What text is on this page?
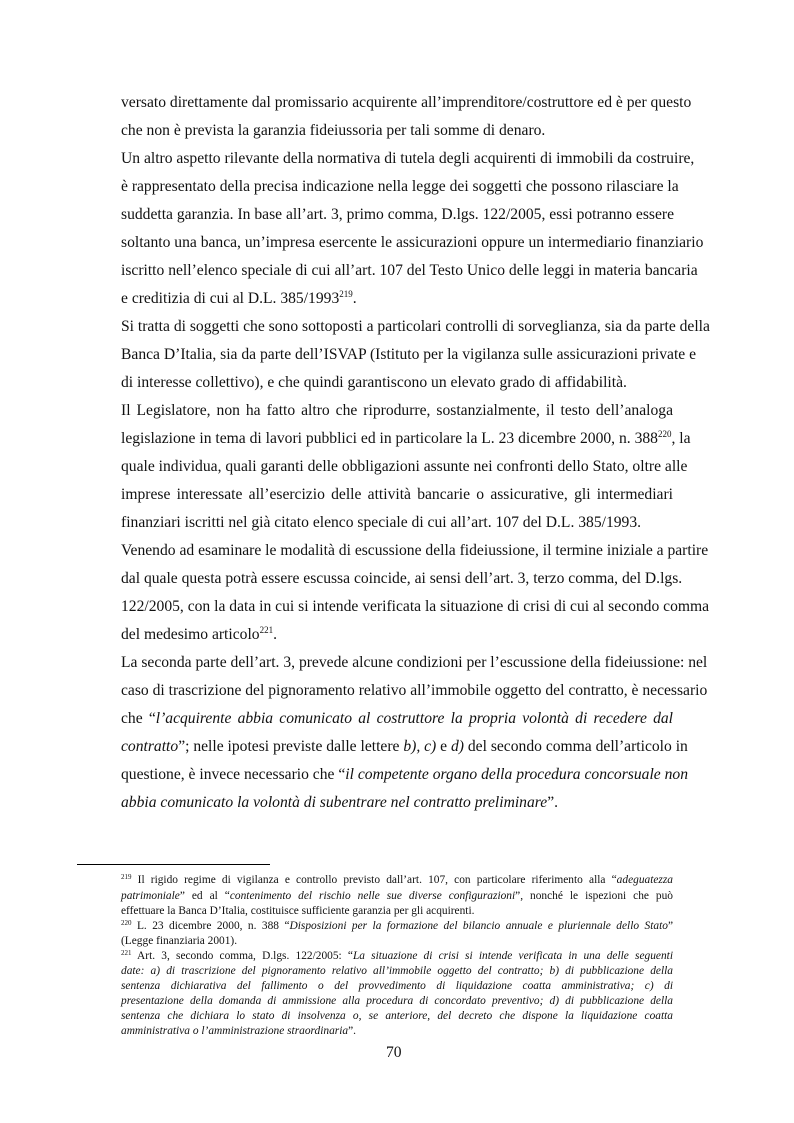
versato direttamente dal promissario acquirente all’imprenditore/costruttore ed è per questo
che non è prevista la garanzia fideiussoria per tali somme di denaro.
Un altro aspetto rilevante della normativa di tutela degli acquirenti di immobili da costruire,
è rappresentato della precisa indicazione nella legge dei soggetti che possono rilasciare la
suddetta garanzia. In base all’art. 3, primo comma, D.lgs. 122/2005, essi potranno essere
soltanto una banca, un’impresa esercente le assicurazioni oppure un intermediario finanziario
iscritto nell’elenco speciale di cui all’art. 107 del Testo Unico delle leggi in materia bancaria
e creditizia di cui al D.L. 385/1993$^{219}$.
Si tratta di soggetti che sono sottoposti a particolari controlli di sorveglianza, sia da parte della
Banca D’Italia, sia da parte dell’ISVAP (Istituto per la vigilanza sulle assicurazioni private e
di interesse collettivo), e che quindi garantiscono un elevato grado di affidabilità.
Il Legislatore, non ha fatto altro che riprodurre, sostanzialmente, il testo dell’analoga
legislazione in tema di lavori pubblici ed in particolare la L. 23 dicembre 2000, n. $388^{220}$, la
quale individua, quali garanti delle obbligazioni assunte nei confronti dello Stato, oltre alle
imprese interessate all’esercizio delle attività bancarie o assicurative, gli intermediari
finanziari iscritti nel già citato elenco speciale di cui all’art. 107 del D.L. 385/1993.
Venendo ad esaminare le modalità di escussione della fideiussione, il termine iniziale a partire
dal quale questa potrà essere escussa coincide, ai sensi dell’art. 3, terzo comma, del D.lgs.
122/2005, con la data in cui si intende verificata la situazione di crisi di cui al secondo comma
del medesimo articolo$^{221}$.
La seconda parte dell’art. 3, prevede alcune condizioni per l’escussione della fideiussione: nel
caso di trascrizione del pignoramento relativo all’immobile oggetto del contratto, è necessario
che “l’acquirente abbia comunicato al costruttore la propria volontà di recedere dal
contratto”; nelle ipotesi previste dalle lettere b), c) e d) del secondo comma dell’articolo in
questione, è invece necessario che “il competente organo della procedura concorsuale non
abbia comunicato la volontà di subentrare nel contratto preliminare”.
$^{219}$ Il rigido regime di vigilanza e controllo previsto dall’art. 107, con particolare riferimento alla “adeguatezza
patrimoniale” ed al “contenimento del rischio nelle sue diverse configurazioni”, nonché le ispezioni che può
effettuare la Banca D’Italia, costituisce sufficiente garanzia per gli acquirenti.
$^{220}$ L. 23 dicembre 2000, n. 388 “Disposizioni per la formazione del bilancio annuale e pluriennale dello Stato”
(Legge finanziaria 2001).
$^{221}$ Art. 3, secondo comma, D.lgs. 122/2005: “La situazione di crisi si intende verificata in una delle seguenti
date: a) di trascrizione del pignoramento relativo all’immobile oggetto del contratto; b) di pubblicazione della
sentenza dichiarativa del fallimento o del provvedimento di liquidazione coatta amministrativa; c) di
presentazione della domanda di ammissione alla procedura di concordato preventivo; d) di pubblicazione della
sentenza che dichiara lo stato di insolvenza o, se anteriore, del decreto che dispone la liquidazione coatta
amministrativa o l’amministrazione straordinaria”.
70
